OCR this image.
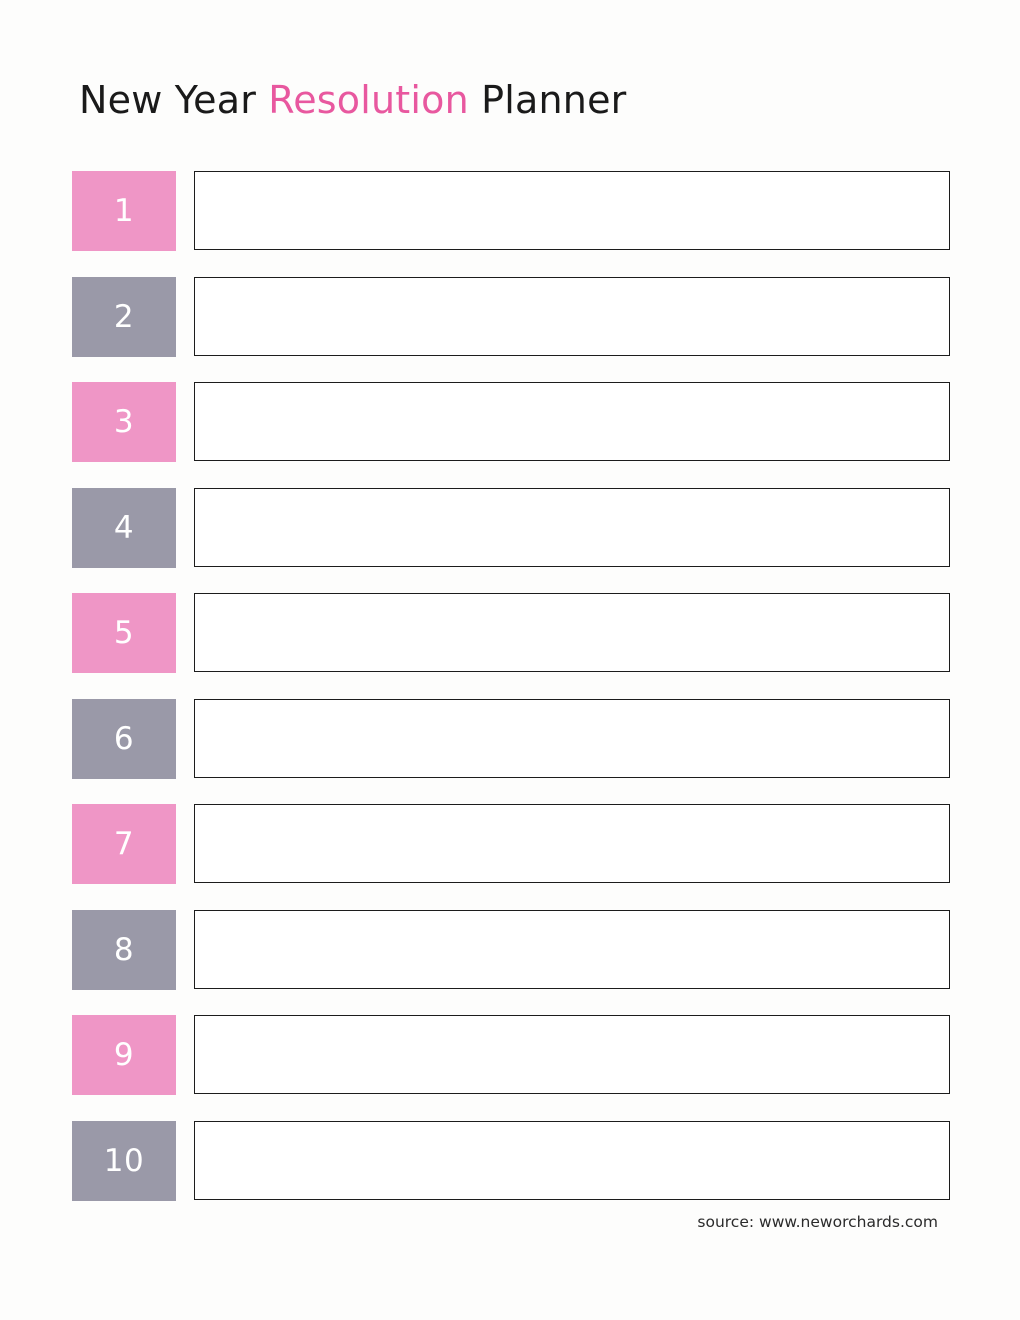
New Year Resolution Planner
1
2
3
4
5
6
7
8
9
10
source: www.neworchards.com
